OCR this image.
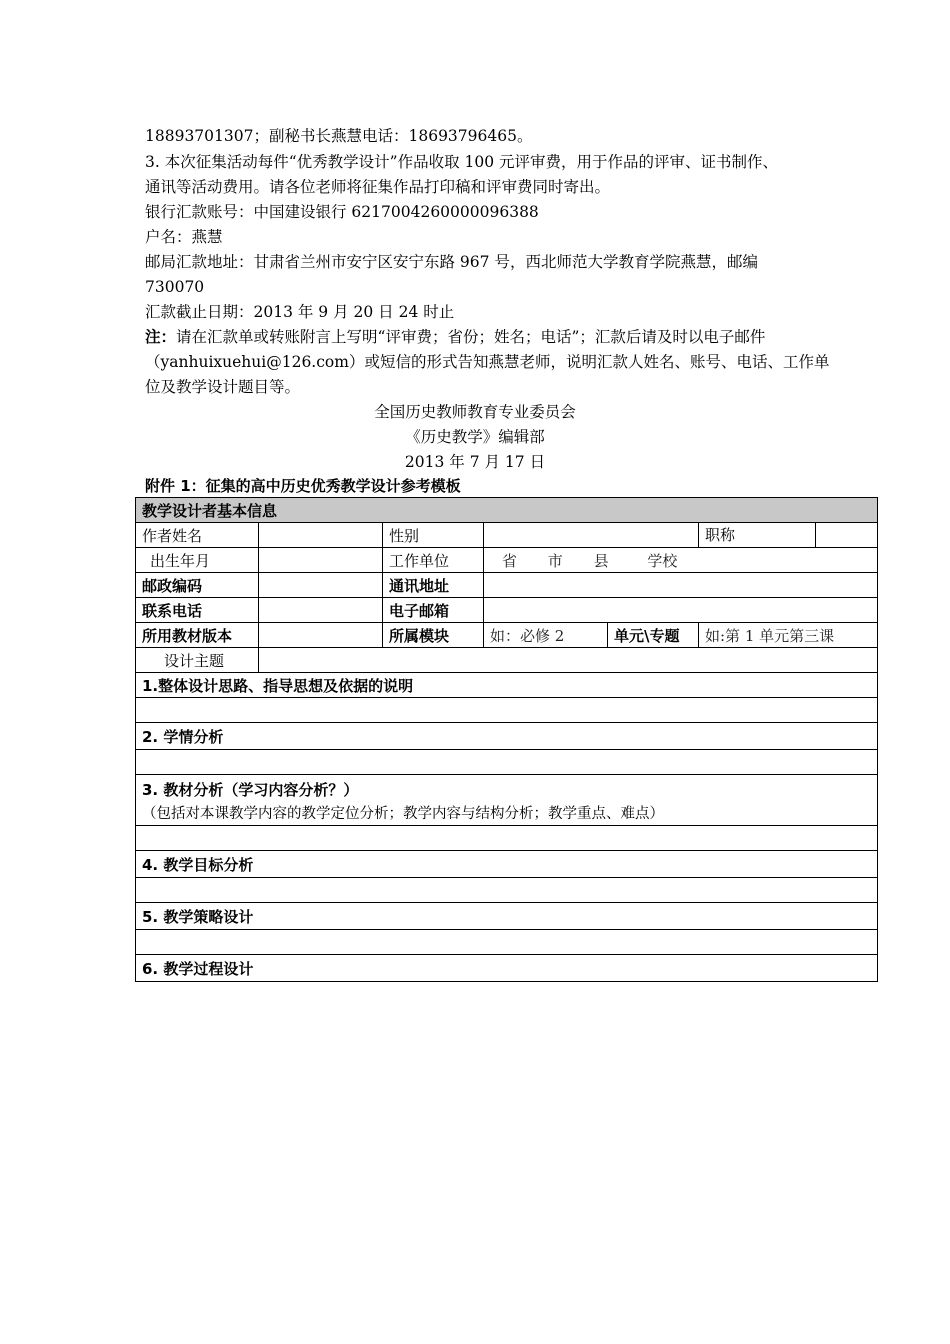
18893701307；副秘书长燕慧电话：18693796465。
3. 本次征集活动每件“优秀教学设计”作品收取 100 元评审费，用于作品的评审、证书制作、
通讯等活动费用。请各位老师将征集作品打印稿和评审费同时寄出。
银行汇款账号：中国建设银行 6217004260000096388
户名：燕慧
邮局汇款地址：甘肃省兰州市安宁区安宁东路 967 号，西北师范大学教育学院燕慧，邮编
730070
汇款截止日期：2013 年 9 月 20 日 24 时止
注：请在汇款单或转账附言上写明“评审费；省份；姓名；电话”；汇款后请及时以电子邮件
（yanhuixuehui@126.com）或短信的形式告知燕慧老师，说明汇款人姓名、账号、电话、工作单
位及教学设计题目等。
全国历史教师教育专业委员会
《历史教学》编辑部
2013 年 7 月 17 日
附件 1：征集的高中历史优秀教学设计参考模板
教学设计者基本信息					
作者姓名		性别			职称

出生年月		工作单位	省 市 县 学校		
邮政编码		通讯地址			
联系电话		电子邮箱			
所用教材版本		所属模块	如：必修 2	单元\专题	如:第 1 单元第三课
设计主题					
1.整体设计思路、指导思想及依据的说明					

2. 学情分析					

3. 教材分析（学习内容分析？）
（包括对本课教学内容的教学定位分析；教学内容与结构分析；教学重点、难点）					

4. 教学目标分析					

5. 教学策略设计					

6. 教学过程设计					
